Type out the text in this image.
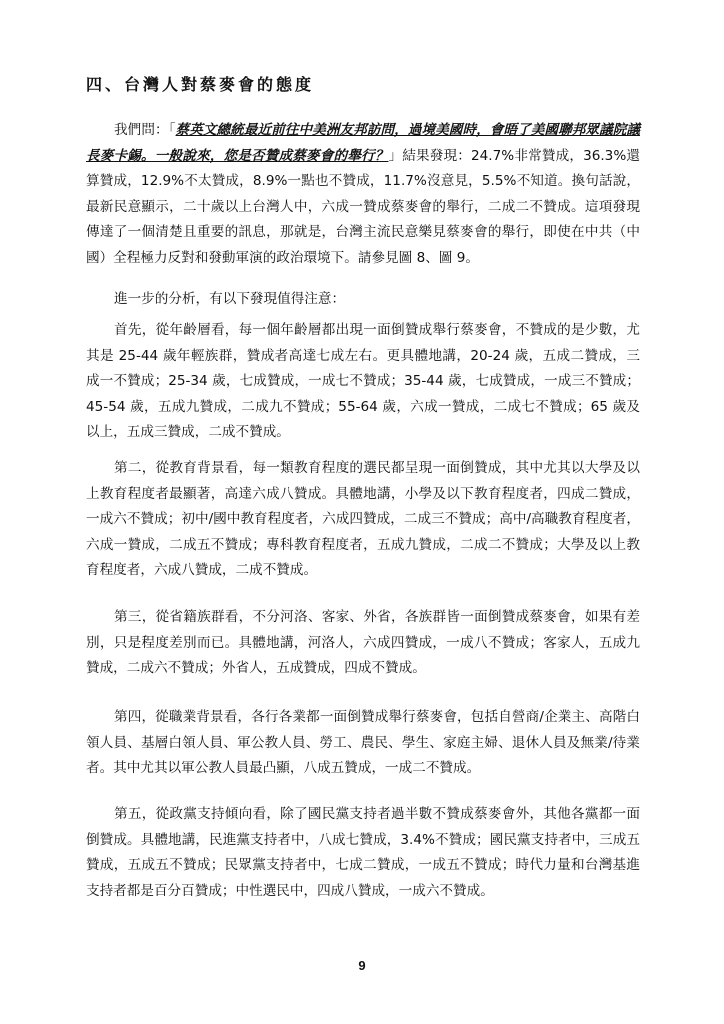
四、台灣人對蔡麥會的態度

我們問：「蔡英文總統最近前往中美洲友邦訪問，過境美國時，會晤了美國聯邦眾議院議長麥卡錫。一般說來，您是否贊成蔡麥會的舉行？」結果發現：24.7%非常贊成，36.3%還算贊成，12.9%不太贊成，8.9%一點也不贊成，11.7%沒意見，5.5%不知道。換句話說，最新民意顯示，二十歲以上台灣人中，六成一贊成蔡麥會的舉行，二成二不贊成。這項發現傳達了一個清楚且重要的訊息，那就是，台灣主流民意樂見蔡麥會的舉行，即使在中共（中國）全程極力反對和發動軍演的政治環境下。請參見圖 8、圖 9。

進一步的分析，有以下發現值得注意：

首先，從年齡層看，每一個年齡層都出現一面倒贊成舉行蔡麥會，不贊成的是少數，尤其是 25-44 歲年輕族群，贊成者高達七成左右。更具體地講，20-24 歲，五成二贊成，三成一不贊成；25-34 歲，七成贊成，一成七不贊成；35-44 歲，七成贊成，一成三不贊成；45-54 歲，五成九贊成，二成九不贊成；55-64 歲，六成一贊成，二成七不贊成；65 歲及以上，五成三贊成，二成不贊成。

第二，從教育背景看，每一類教育程度的選民都呈現一面倒贊成，其中尤其以大學及以上教育程度者最顯著，高達六成八贊成。具體地講，小學及以下教育程度者，四成二贊成，一成六不贊成；初中/國中教育程度者，六成四贊成，二成三不贊成；高中/高職教育程度者，六成一贊成，二成五不贊成；專科教育程度者，五成九贊成，二成二不贊成；大學及以上教育程度者，六成八贊成，二成不贊成。

第三，從省籍族群看，不分河洛、客家、外省，各族群皆一面倒贊成蔡麥會，如果有差別，只是程度差別而已。具體地講，河洛人，六成四贊成，一成八不贊成；客家人，五成九贊成，二成六不贊成；外省人，五成贊成，四成不贊成。

第四，從職業背景看，各行各業都一面倒贊成舉行蔡麥會，包括自營商/企業主、高階白領人員、基層白領人員、軍公教人員、勞工、農民、學生、家庭主婦、退休人員及無業/待業者。其中尤其以軍公教人員最凸顯，八成五贊成，一成二不贊成。

第五，從政黨支持傾向看，除了國民黨支持者過半數不贊成蔡麥會外，其他各黨都一面倒贊成。具體地講，民進黨支持者中，八成七贊成，3.4%不贊成；國民黨支持者中，三成五贊成，五成五不贊成；民眾黨支持者中，七成二贊成，一成五不贊成；時代力量和台灣基進支持者都是百分百贊成；中性選民中，四成八贊成，一成六不贊成。

9
